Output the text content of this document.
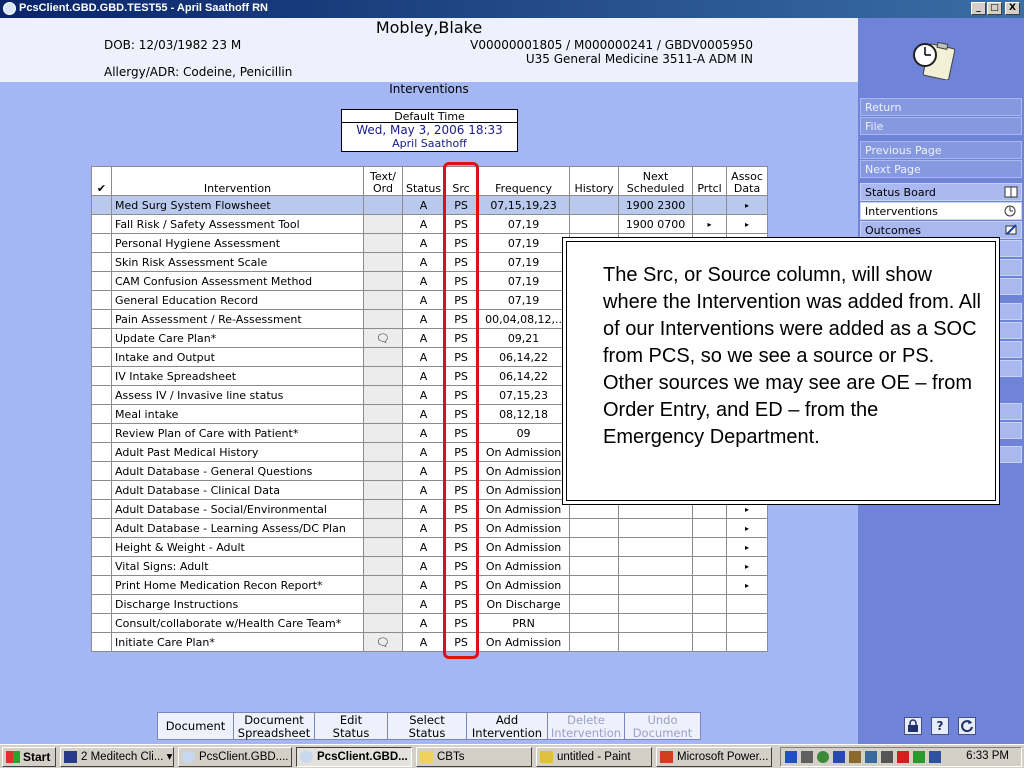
PcsClient.GBD.GBD.TEST55 - April Saathoff RN	_	□	X
Mobley,Blake
DOB: 12/03/1982 23 M
Allergy/ADR: Codeine, Penicillin
V00000001805 / M000000241 / GBDV0005950
U35 General Medicine 3511-A ADM IN
Interventions
Default Time
Wed, May 3, 2006 18:33
April Saathoff
✔	Intervention	Text/
Ord	Status	Src	Frequency	History	Next
Scheduled	Prtcl	Assoc
Data
	Med Surg System Flowsheet		A	PS	07,15,19,23		1900 2300		▸
	Fall Risk / Safety Assessment Tool		A	PS	07,19		1900 0700	▸	▸
	Personal Hygiene Assessment		A	PS	07,19				
	Skin Risk Assessment Scale		A	PS	07,19				
	CAM Confusion Assessment Method		A	PS	07,19				
	General Education Record		A	PS	07,19				
	Pain Assessment / Re-Assessment		A	PS	00,04,08,12,..				
	Update Care Plan*	🗨	A	PS	09,21				
	Intake and Output		A	PS	06,14,22				
	IV Intake Spreadsheet		A	PS	06,14,22				
	Assess IV / Invasive line status		A	PS	07,15,23				
	Meal intake		A	PS	08,12,18				
	Review Plan of Care with Patient*		A	PS	09				
	Adult Past Medical History		A	PS	On Admission				
	Adult Database - General Questions		A	PS	On Admission				
	Adult Database - Clinical Data		A	PS	On Admission				
	Adult Database - Social/Environmental		A	PS	On Admission				▸
	Adult Database - Learning Assess/DC Plan		A	PS	On Admission				▸
	Height & Weight - Adult		A	PS	On Admission				▸
	Vital Signs: Adult		A	PS	On Admission				▸
	Print Home Medication Recon Report*		A	PS	On Admission				▸
	Discharge Instructions		A	PS	On Discharge				
	Consult/collaborate w/Health Care Team*		A	PS	PRN				
	Initiate Care Plan*	🗨	A	PS	On Admission				
Return
File
Previous Page
Next Page
Status Board
Interventions
Outcomes
?

The Src, or Source column, will show where the Intervention was added from. All of our Interventions were added as a SOC from PCS, so we see a source or PS. Other sources we may see are OE – from Order Entry, and ED – from the Emergency Department.

Document	Document
Spreadsheet
Edit
Status
Select
Status
Add
Intervention
Delete
Intervention
Undo
Document
Start	2 Meditech Cli... ▾	PcsClient.GBD....	PcsClient.GBD...	CBTs	untitled - Paint	Microsoft Power...	6:33 PM
